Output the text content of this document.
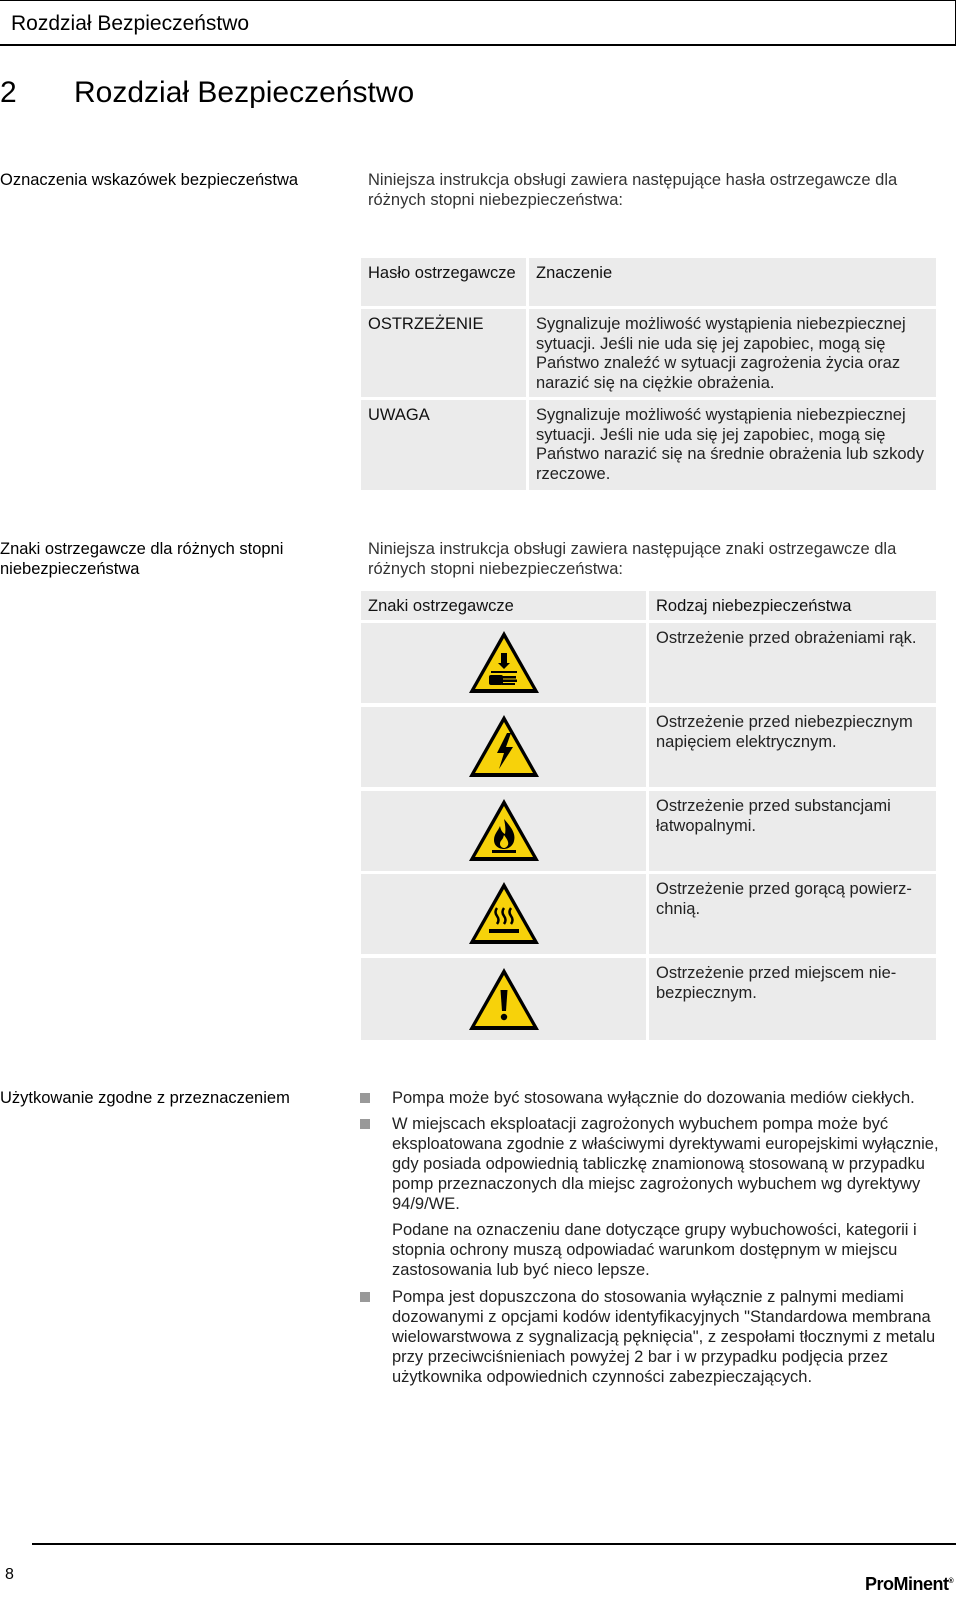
Rozdział Bezpieczeństwo
2 Rozdział Bezpieczeństwo
Oznaczenia wskazówek bezpieczeństwa	Niniejsza instrukcja obsługi zawiera następujące hasła ostrzegawcze dla różnych stopni niebezpieczeństwa:
Hasło ostrzegawcze	Znaczenie
OSTRZEŻENIE	Sygnalizuje możliwość wystąpienia niebezpiecznej sytuacji. Jeśli nie uda się jej zapobiec, mogą się Państwo znaleźć w sytuacji zagrożenia życia oraz narazić się na ciężkie obrażenia.
UWAGA	Sygnalizuje możliwość wystąpienia niebezpiecznej sytuacji. Jeśli nie uda się jej zapobiec, mogą się Państwo narazić się na średnie obrażenia lub szkody rzeczowe.
Znaki ostrzegawcze dla różnych stopni niebezpieczeństwa
Niniejsza instrukcja obsługi zawiera następujące znaki ostrzegawcze dla różnych stopni niebezpieczeństwa:
Znaki ostrzegawcze	Rodzaj niebezpieczeństwa
Ostrzeżenie przed obrażeniami rąk.
Ostrzeżenie przed niebezpiecznym napięciem elektrycznym.
Ostrzeżenie przed substancjami łatwopalnymi.
Ostrzeżenie przed gorącą powierzchnią.
Ostrzeżenie przed miejscem niebezpiecznym.
Użytkowanie zgodne z przeznaczeniem	Pompa może być stosowana wyłącznie do dozowania mediów ciekłych.
W miejscach eksploatacji zagrożonych wybuchem pompa może być eksploatowana zgodnie z właściwymi dyrektywami europejskimi wyłącznie, gdy posiada odpowiednią tabliczkę znamionową stosowaną w przypadku pomp przeznaczonych dla miejsc zagrożonych wybuchem wg dyrektywy 94/9/WE.
Podane na oznaczeniu dane dotyczące grupy wybuchowości, kategorii i stopnia ochrony muszą odpowiadać warunkom dostępnym w miejscu zastosowania lub być nieco lepsze.
Pompa jest dopuszczona do stosowania wyłącznie z palnymi mediami dozowanymi z opcjami kodów identyfikacyjnych "Standardowa membrana wielowarstwowa z sygnalizacją pęknięcia", z zespołami tłocznymi z metalu przy przeciwciśnieniach powyżej 2 bar i w przypadku podjęcia przez użytkownika odpowiednich czynności zabezpieczających.
8	ProMinent®
